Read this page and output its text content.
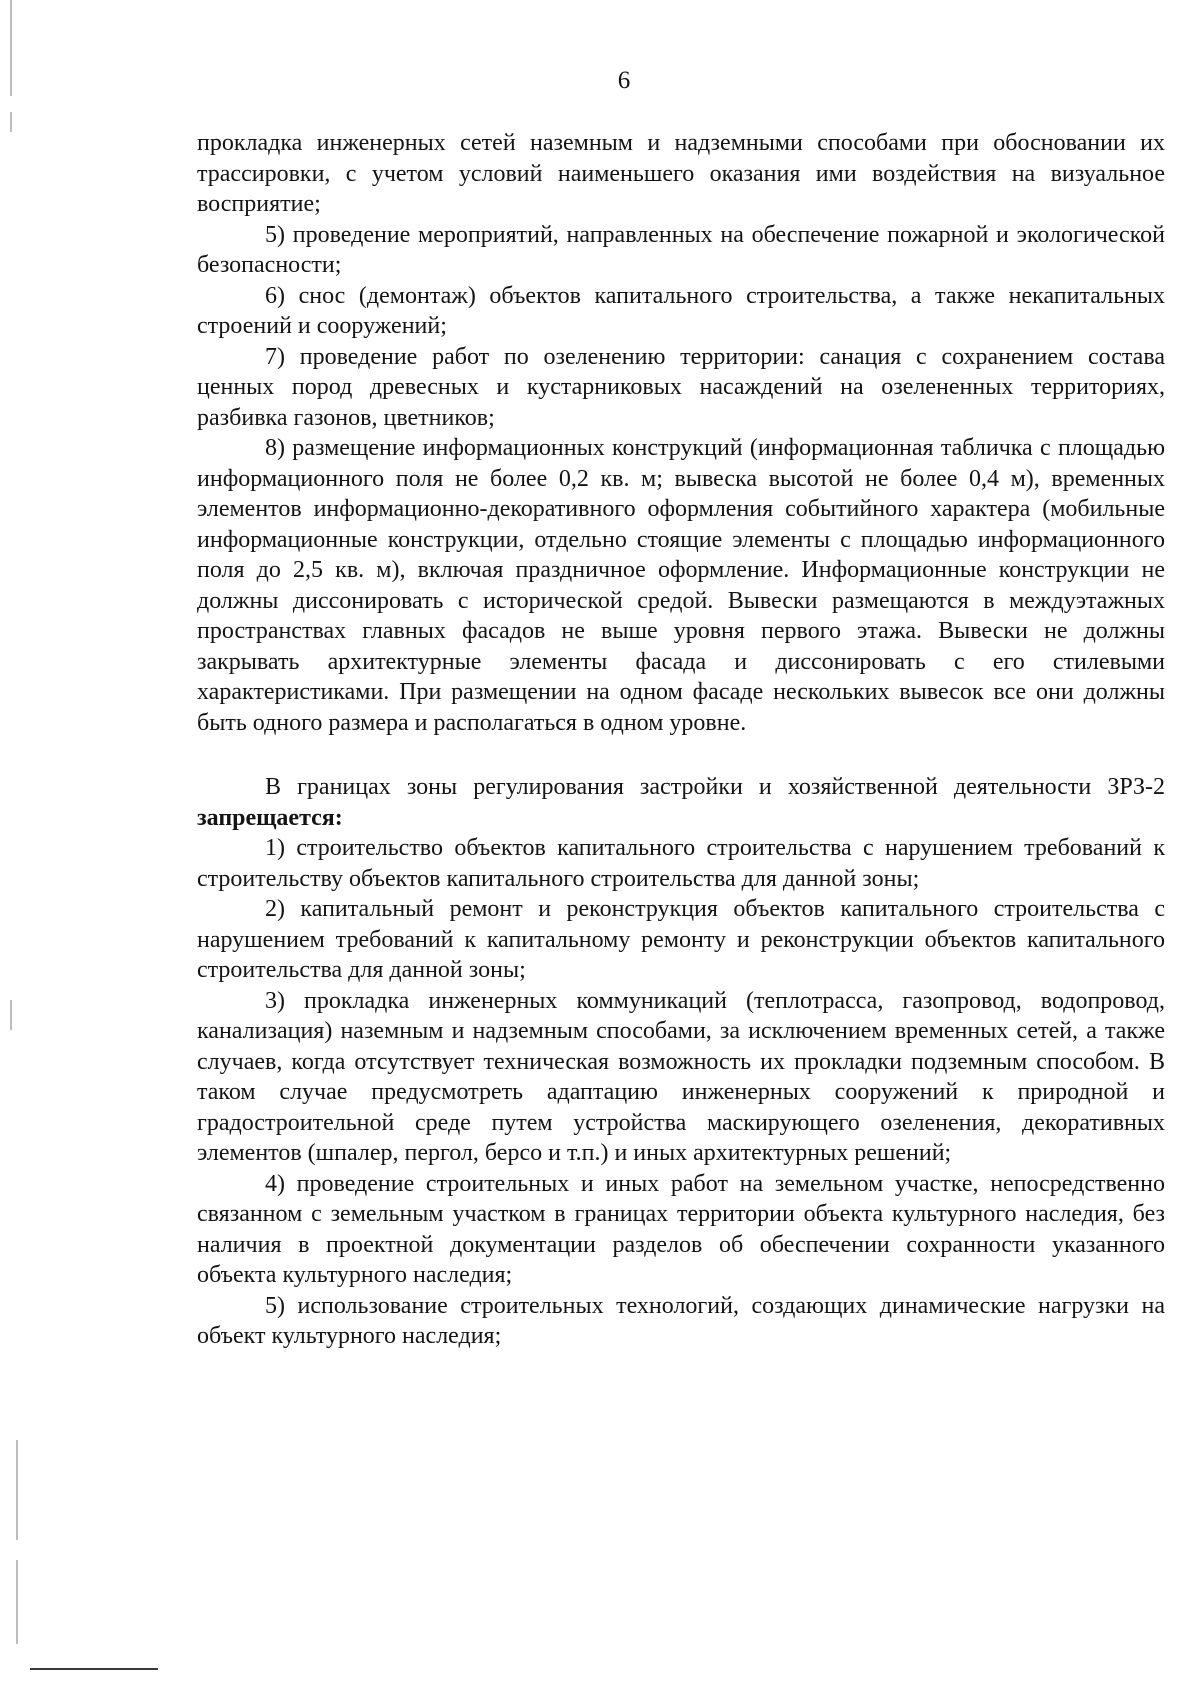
6

прокладка инженерных сетей наземным и надземными способами при обосновании их трассировки, с учетом условий наименьшего оказания ими воздействия на визуальное восприятие;

5) проведение мероприятий, направленных на обеспечение пожарной и экологической безопасности;

6) снос (демонтаж) объектов капитального строительства, а также некапитальных строений и сооружений;

7) проведение работ по озеленению территории: санация с сохранением состава ценных пород древесных и кустарниковых насаждений на озелененных территориях, разбивка газонов, цветников;

8) размещение информационных конструкций (информационная табличка с площадью информационного поля не более 0,2 кв. м; вывеска высотой не более 0,4 м), временных элементов информационно-декоративного оформления событийного характера (мобильные информационные конструкции, отдельно стоящие элементы с площадью информационного поля до 2,5 кв. м), включая праздничное оформление. Информационные конструкции не должны диссонировать с исторической средой. Вывески размещаются в междуэтажных пространствах главных фасадов не выше уровня первого этажа. Вывески не должны закрывать архитектурные элементы фасада и диссонировать с его стилевыми характеристиками. При размещении на одном фасаде нескольких вывесок все они должны быть одного размера и располагаться в одном уровне.

В границах зоны регулирования застройки и хозяйственной деятельности ЗРЗ-2 запрещается:

1) строительство объектов капитального строительства с нарушением требований к строительству объектов капитального строительства для данной зоны;

2) капитальный ремонт и реконструкция объектов капитального строительства с нарушением требований к капитальному ремонту и реконструкции объектов капитального строительства для данной зоны;

3) прокладка инженерных коммуникаций (теплотрасса, газопровод, водопровод, канализация) наземным и надземным способами, за исключением временных сетей, а также случаев, когда отсутствует техническая возможность их прокладки подземным способом. В таком случае предусмотреть адаптацию инженерных сооружений к природной и градостроительной среде путем устройства маскирующего озеленения, декоративных элементов (шпалер, пергол, берсо и т.п.) и иных архитектурных решений;

4) проведение строительных и иных работ на земельном участке, непосредственно связанном с земельным участком в границах территории объекта культурного наследия, без наличия в проектной документации разделов об обеспечении сохранности указанного объекта культурного наследия;

5) использование строительных технологий, создающих динамические нагрузки на объект культурного наследия;
